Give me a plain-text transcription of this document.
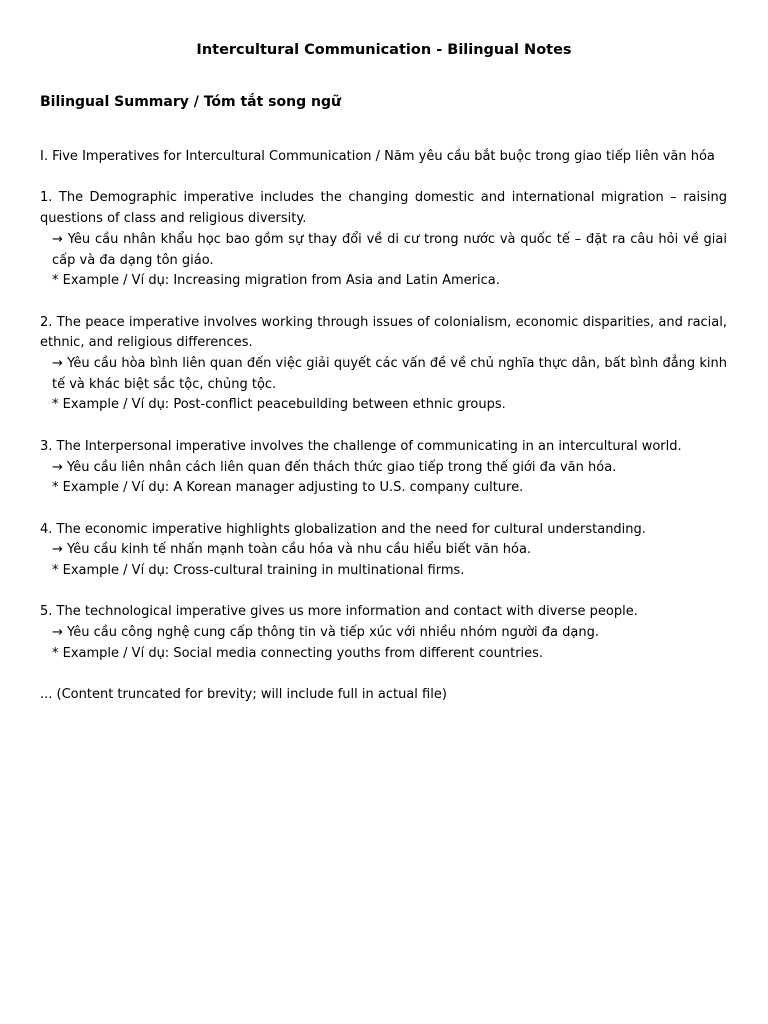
Intercultural Communication - Bilingual Notes
Bilingual Summary / Tóm tắt song ngữ

I. Five Imperatives for Intercultural Communication / Năm yêu cầu bắt buộc trong giao tiếp liên văn hóa

1. The Demographic imperative includes the changing domestic and international migration – raising questions of class and religious diversity.

→ Yêu cầu nhân khẩu học bao gồm sự thay đổi về di cư trong nước và quốc tế – đặt ra câu hỏi về giai cấp và đa dạng tôn giáo.

* Example / Ví dụ: Increasing migration from Asia and Latin America.

2. The peace imperative involves working through issues of colonialism, economic disparities, and racial, ethnic, and religious differences.

→ Yêu cầu hòa bình liên quan đến việc giải quyết các vấn đề về chủ nghĩa thực dân, bất bình đẳng kinh tế và khác biệt sắc tộc, chủng tộc.

* Example / Ví dụ: Post-conflict peacebuilding between ethnic groups.

3. The Interpersonal imperative involves the challenge of communicating in an intercultural world.

→ Yêu cầu liên nhân cách liên quan đến thách thức giao tiếp trong thế giới đa văn hóa.

* Example / Ví dụ: A Korean manager adjusting to U.S. company culture.

4. The economic imperative highlights globalization and the need for cultural understanding.

→ Yêu cầu kinh tế nhấn mạnh toàn cầu hóa và nhu cầu hiểu biết văn hóa.

* Example / Ví dụ: Cross-cultural training in multinational firms.

5. The technological imperative gives us more information and contact with diverse people.

→ Yêu cầu công nghệ cung cấp thông tin và tiếp xúc với nhiều nhóm người đa dạng.

* Example / Ví dụ: Social media connecting youths from different countries.

... (Content truncated for brevity; will include full in actual file)
